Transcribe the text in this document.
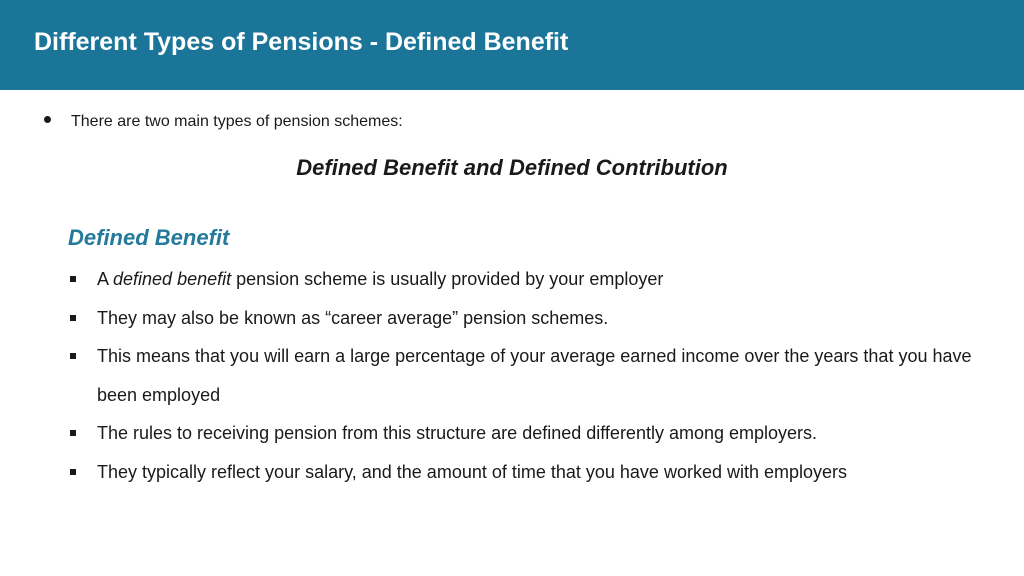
Different Types of Pensions - Defined Benefit
There are two main types of pension schemes:
Defined Benefit and Defined Contribution
Defined Benefit
A defined benefit pension scheme is usually provided by your employer
They may also be known as “career average” pension schemes.
This means that you will earn a large percentage of your average earned income over the years that you have been employed
The rules to receiving pension from this structure are defined differently among employers.
They typically reflect your salary, and the amount of time that you have worked with employers
